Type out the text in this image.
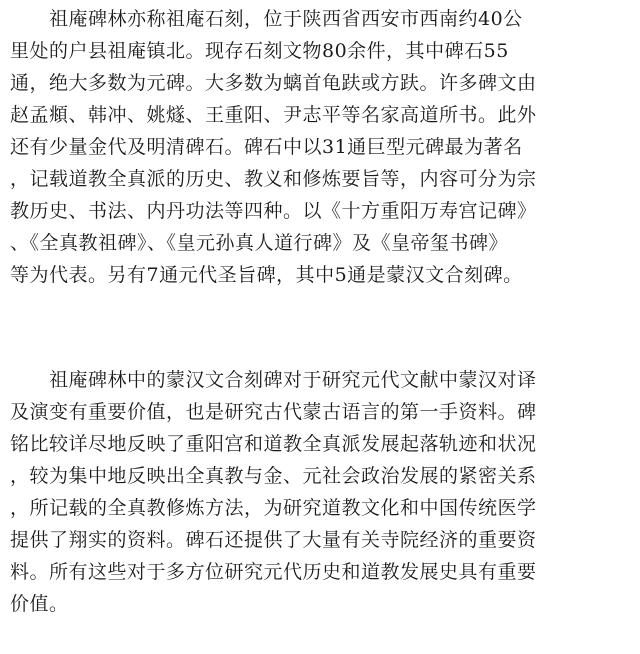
　　祖庵碑林亦称祖庵石刻，位于陕西省西安市西南约40公
里处的户县祖庵镇北。现存石刻文物80余件，其中碑石55
通，绝大多数为元碑。大多数为螭首龟趺或方趺。许多碑文由
赵孟頫、韩冲、姚燧、王重阳、尹志平等名家高道所书。此外
还有少量金代及明清碑石。碑石中以31通巨型元碑最为著名
，记载道教全真派的历史、教义和修炼要旨等，内容可分为宗
教历史、书法、内丹功法等四种。以《十方重阳万寿宫记碑》
、《全真教祖碑》、《皇元孙真人道行碑》及《皇帝玺书碑》
等为代表。另有7通元代圣旨碑，其中5通是蒙汉文合刻碑。
　　祖庵碑林中的蒙汉文合刻碑对于研究元代文献中蒙汉对译
及演变有重要价值，也是研究古代蒙古语言的第一手资料。碑
铭比较详尽地反映了重阳宫和道教全真派发展起落轨迹和状况
，较为集中地反映出全真教与金、元社会政治发展的紧密关系
，所记载的全真教修炼方法，为研究道教文化和中国传统医学
提供了翔实的资料。碑石还提供了大量有关寺院经济的重要资
料。所有这些对于多方位研究元代历史和道教发展史具有重要
价值。
